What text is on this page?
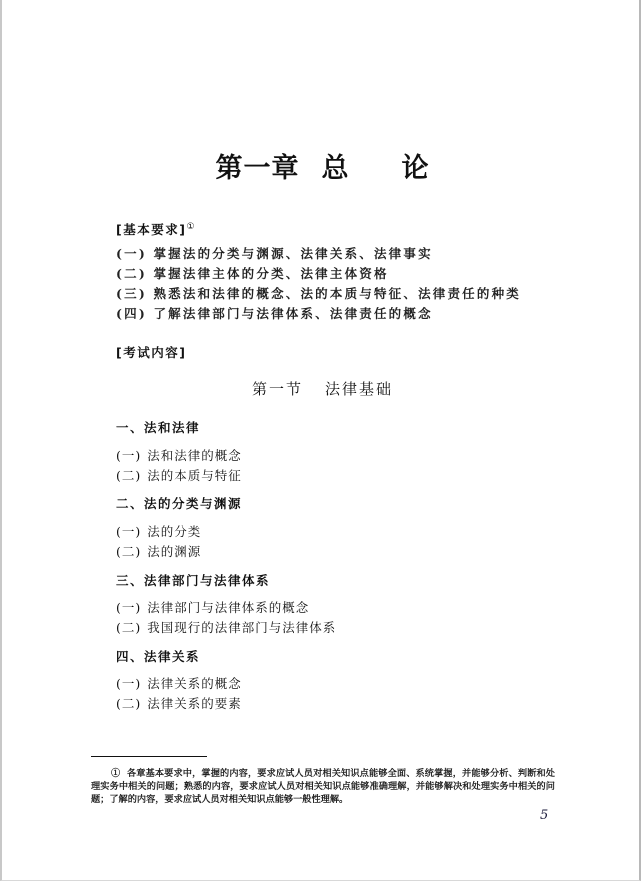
第一章 总 论
[基本要求]①
(一) 掌握法的分类与渊源、法律关系、法律事实
(二) 掌握法律主体的分类、法律主体资格
(三) 熟悉法和法律的概念、法的本质与特征、法律责任的种类
(四) 了解法律部门与法律体系、法律责任的概念
[考试内容]
第一节 法律基础
一、法和法律
(一) 法和法律的概念
(二) 法的本质与特征
二、法的分类与渊源
(一) 法的分类
(二) 法的渊源
三、法律部门与法律体系
(一) 法律部门与法律体系的概念
(二) 我国现行的法律部门与法律体系
四、法律关系
(一) 法律关系的概念
(二) 法律关系的要素
① 各章基本要求中，掌握的内容，要求应试人员对相关知识点能够全面、系统掌握，并能够分析、判断和处理实务中相关的问题；熟悉的内容，要求应试人员对相关知识点能够准确理解，并能够解决和处理实务中相关的问题；了解的内容，要求应试人员对相关知识点能够一般性理解。
5
